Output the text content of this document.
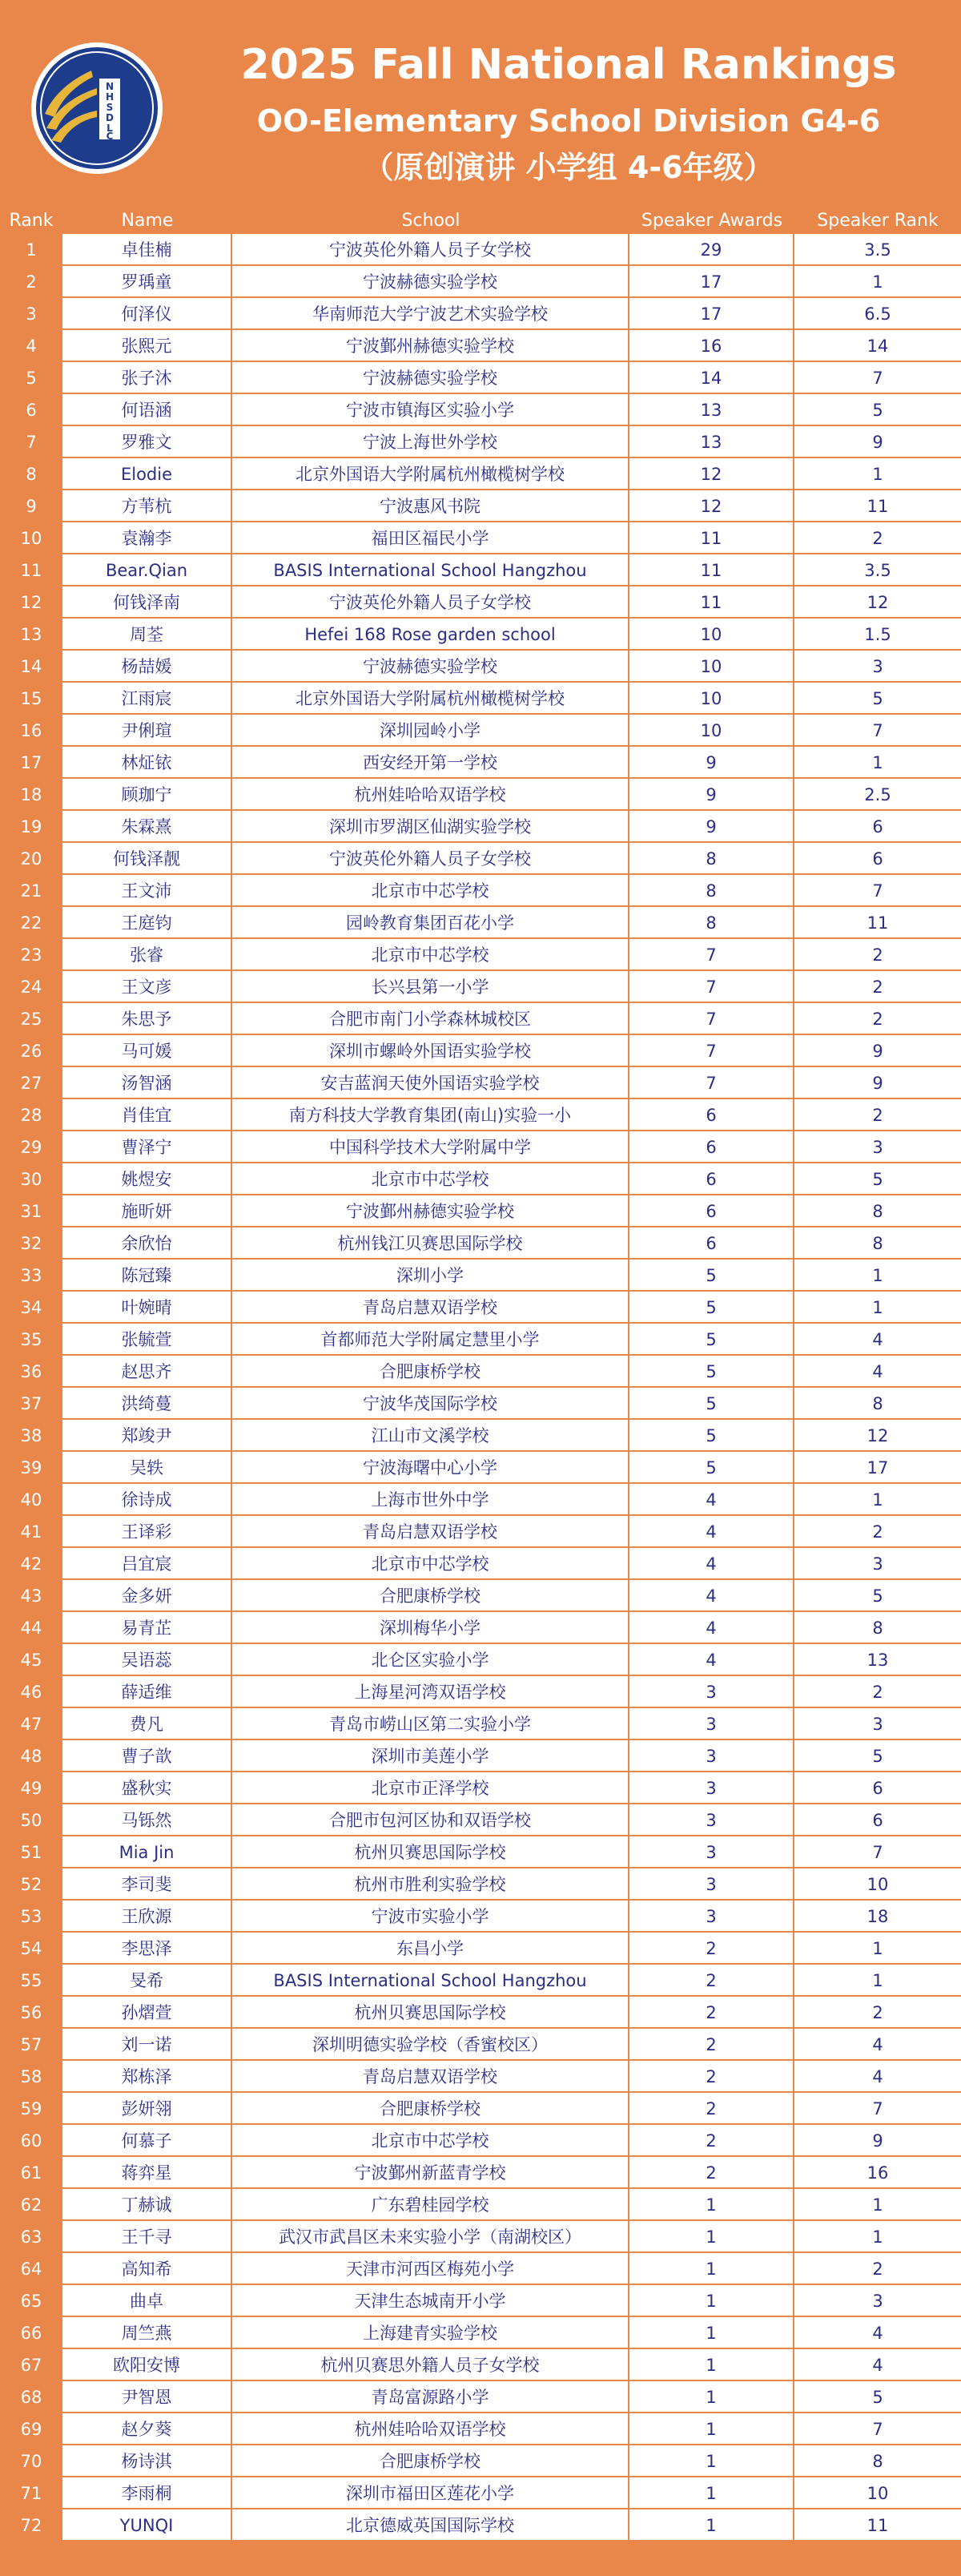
N
H
S
D
L
C
2025 Fall National Rankings
OO-Elementary School Division G4-6
（原创演讲 小学组 4-6年级）
Rank	Name	School	Speaker Awards	Speaker Rank
1	卓佳楠	宁波英伦外籍人员子女学校	29	3.5
2	罗瑀童	宁波赫德实验学校	17	1
3	何泽仪	华南师范大学宁波艺术实验学校	17	6.5
4	张熙元	宁波鄞州赫德实验学校	16	14
5	张子沐	宁波赫德实验学校	14	7
6	何语涵	宁波市镇海区实验小学	13	5
7	罗雅文	宁波上海世外学校	13	9
8	Elodie	北京外国语大学附属杭州橄榄树学校	12	1
9	方苇杭	宁波惠风书院	12	11
10	袁瀚李	福田区福民小学	11	2
11	Bear.Qian	BASIS International School Hangzhou	11	3.5
12	何钱泽南	宁波英伦外籍人员子女学校	11	12
13	周荃	Hefei 168 Rose garden school	10	1.5
14	杨喆媛	宁波赫德实验学校	10	3
15	江雨宸	北京外国语大学附属杭州橄榄树学校	10	5
16	尹俐瑄	深圳园岭小学	10	7
17	林炡铱	西安经开第一学校	9	1
18	顾珈宁	杭州娃哈哈双语学校	9	2.5
19	朱霖熹	深圳市罗湖区仙湖实验学校	9	6
20	何钱泽靓	宁波英伦外籍人员子女学校	8	6
21	王文沛	北京市中芯学校	8	7
22	王庭钧	园岭教育集团百花小学	8	11
23	张睿	北京市中芯学校	7	2
24	王文彦	长兴县第一小学	7	2
25	朱思予	合肥市南门小学森林城校区	7	2
26	马可媛	深圳市螺岭外国语实验学校	7	9
27	汤智涵	安吉蓝润天使外国语实验学校	7	9
28	肖佳宜	南方科技大学教育集团(南山)实验一小	6	2
29	曹泽宁	中国科学技术大学附属中学	6	3
30	姚煜安	北京市中芯学校	6	5
31	施昕妍	宁波鄞州赫德实验学校	6	8
32	余欣怡	杭州钱江贝赛思国际学校	6	8
33	陈冠臻	深圳小学	5	1
34	叶婉晴	青岛启慧双语学校	5	1
35	张毓萱	首都师范大学附属定慧里小学	5	4
36	赵思齐	合肥康桥学校	5	4
37	洪绮蔓	宁波华茂国际学校	5	8
38	郑竣尹	江山市文溪学校	5	12
39	吴轶	宁波海曙中心小学	5	17
40	徐诗成	上海市世外中学	4	1
41	王译彩	青岛启慧双语学校	4	2
42	吕宜宸	北京市中芯学校	4	3
43	金多妍	合肥康桥学校	4	5
44	易青芷	深圳梅华小学	4	8
45	吴语蕊	北仑区实验小学	4	13
46	薛适维	上海星河湾双语学校	3	2
47	费凡	青岛市崂山区第二实验小学	3	3
48	曹子歆	深圳市美莲小学	3	5
49	盛秋实	北京市正泽学校	3	6
50	马铄然	合肥市包河区协和双语学校	3	6
51	Mia Jin	杭州贝赛思国际学校	3	7
52	李司斐	杭州市胜利实验学校	3	10
53	王欣源	宁波市实验小学	3	18
54	李思泽	东昌小学	2	1
55	旻希	BASIS International School Hangzhou	2	1
56	孙熠萱	杭州贝赛思国际学校	2	2
57	刘一诺	深圳明德实验学校（香蜜校区）	2	4
58	郑栋泽	青岛启慧双语学校	2	4
59	彭妍翎	合肥康桥学校	2	7
60	何慕子	北京市中芯学校	2	9
61	蒋弈星	宁波鄞州新蓝青学校	2	16
62	丁赫诚	广东碧桂园学校	1	1
63	王千寻	武汉市武昌区未来实验小学（南湖校区）	1	1
64	高知希	天津市河西区梅苑小学	1	2
65	曲卓	天津生态城南开小学	1	3
66	周竺燕	上海建青实验学校	1	4
67	欧阳安博	杭州贝赛思外籍人员子女学校	1	4
68	尹智恩	青岛富源路小学	1	5
69	赵夕葵	杭州娃哈哈双语学校	1	7
70	杨诗淇	合肥康桥学校	1	8
71	李雨桐	深圳市福田区莲花小学	1	10
72	YUNQI	北京德威英国国际学校	1	11
